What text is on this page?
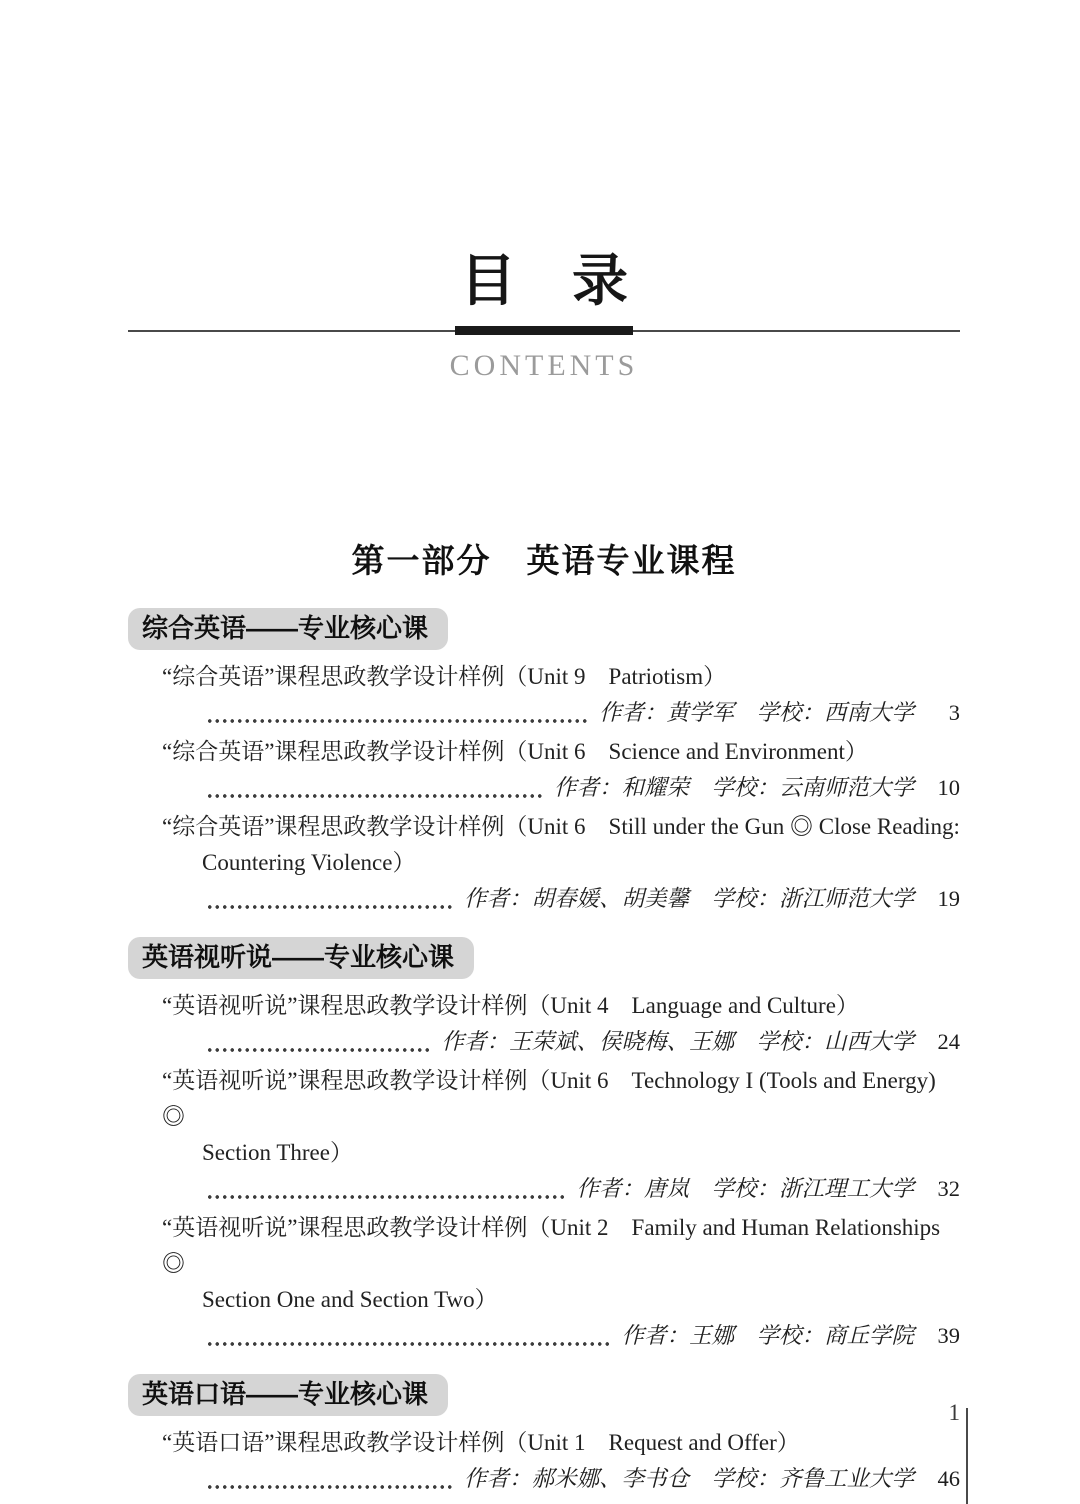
目　录
CONTENTS
第一部分　英语专业课程
综合英语——专业核心课
“综合英语”课程思政教学设计样例（Unit 9　Patriotism）
作者：黄学军　学校：西南大学	3
“综合英语”课程思政教学设计样例（Unit 6　Science and Environment）
作者：和耀荣　学校：云南师范大学 10
“综合英语”课程思政教学设计样例（Unit 6　Still under the Gun ◎ Close Reading:
Countering Violence）
作者：胡春媛、胡美馨　学校：浙江师范大学 19
英语视听说——专业核心课
“英语视听说”课程思政教学设计样例（Unit 4　Language and Culture）
作者：王荣斌、侯晓梅、王娜　学校：山西大学 24
“英语视听说”课程思政教学设计样例（Unit 6　Technology I (Tools and Energy) ◎
Section Three）
作者：唐岚　学校：浙江理工大学 32
“英语视听说”课程思政教学设计样例（Unit 2　Family and Human Relationships ◎
Section One and Section Two）
作者：王娜　学校：商丘学院 39
英语口语——专业核心课
“英语口语”课程思政教学设计样例（Unit 1　Request and Offer）
作者：郝米娜、李书仓　学校：齐鲁工业大学 46
1
